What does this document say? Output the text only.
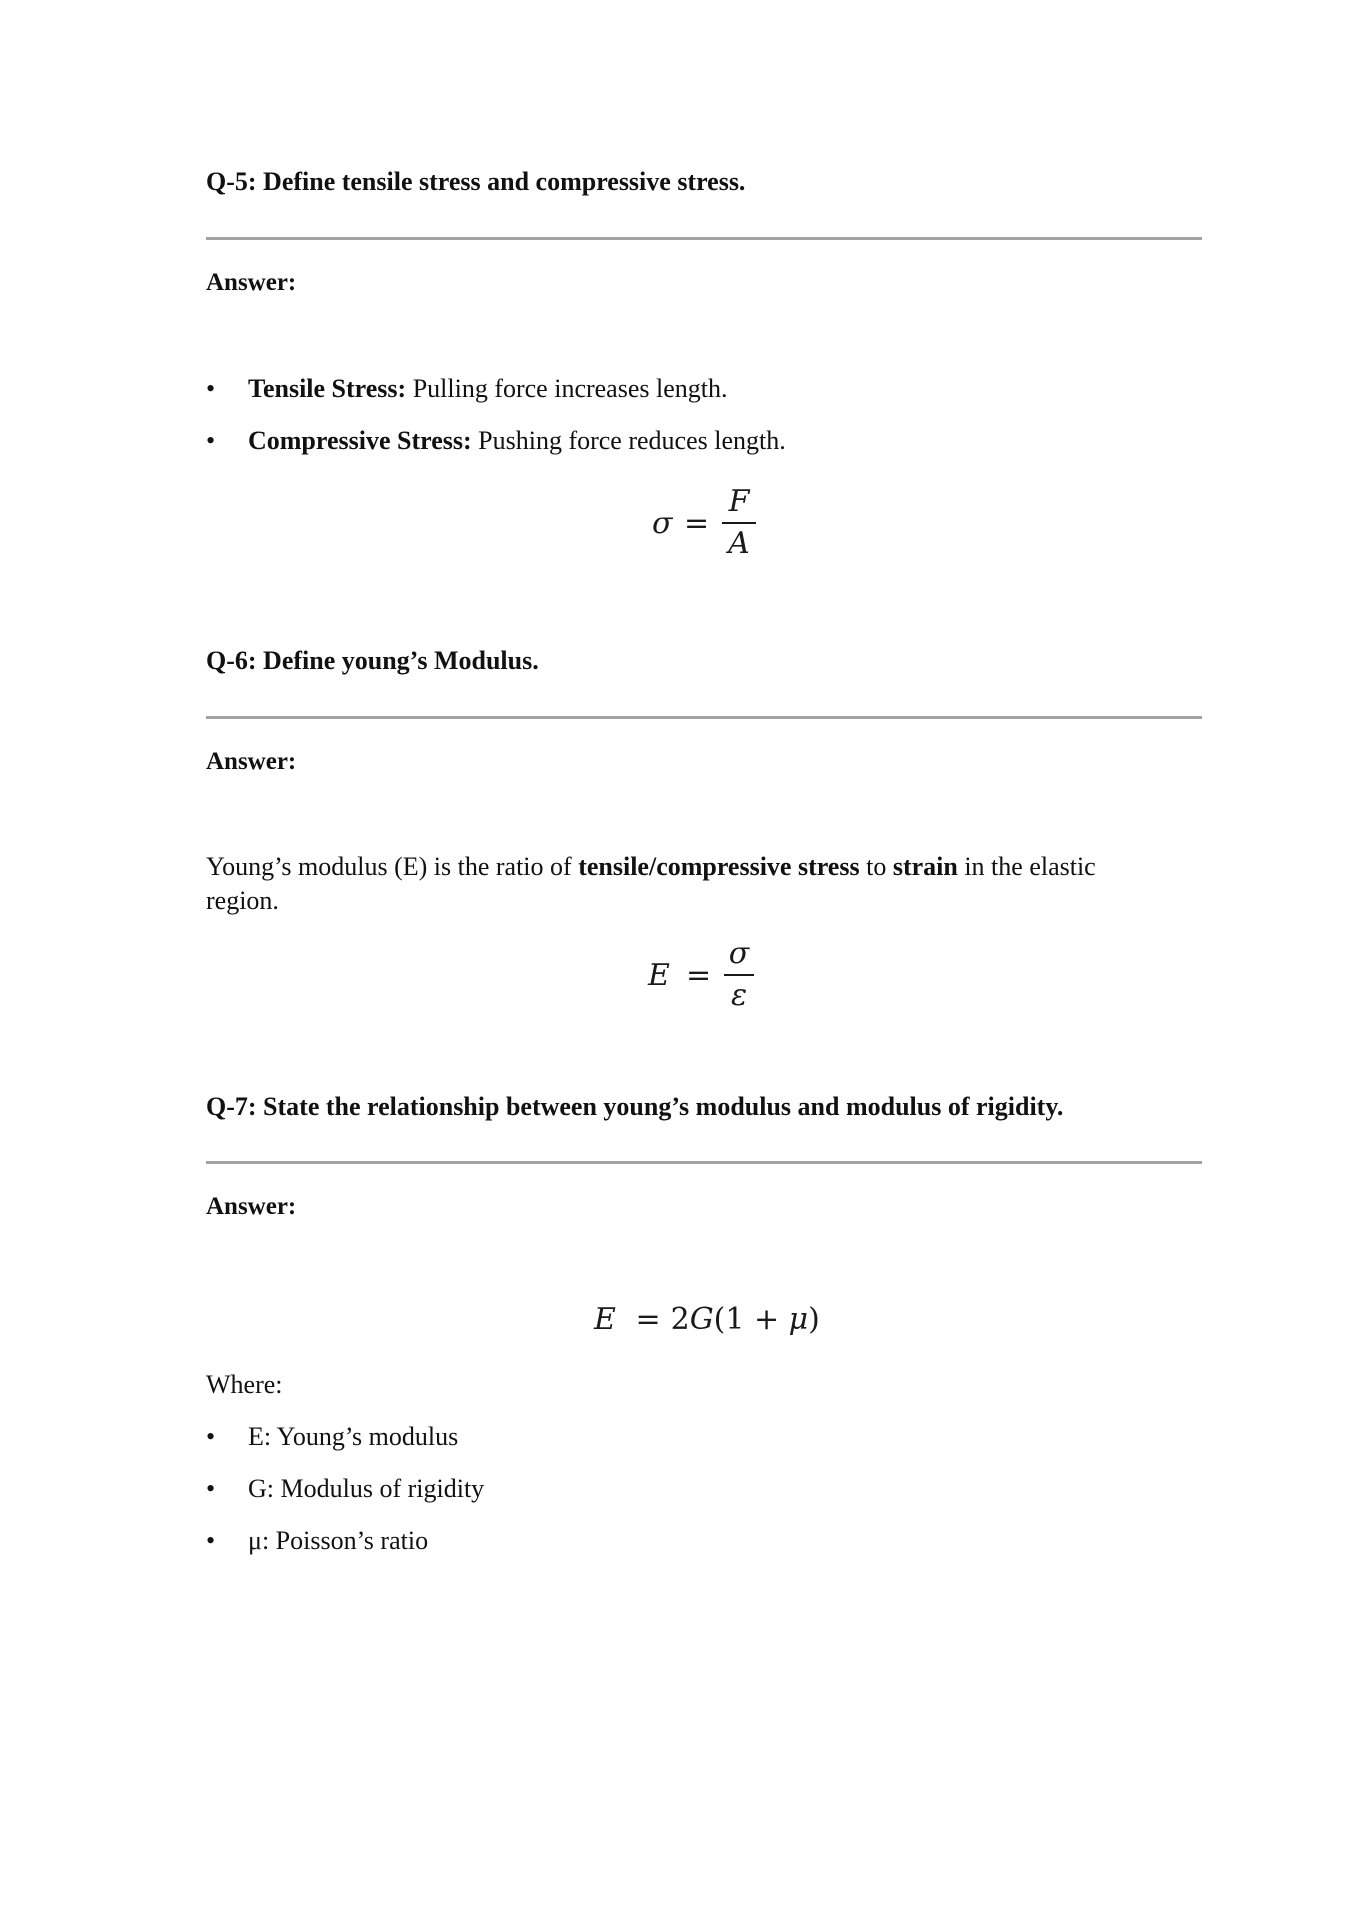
Q-5: Define tensile stress and compressive stress.
Answer:
•	Tensile Stress: Pulling force increases length.
•	Compressive Stress: Pushing force reduces length.
σ =
F
A
Q-6: Define young’s Modulus.
Answer:
Young’s modulus (E) is the ratio of tensile/compressive stress to strain in the elastic
region.
E =
σ
ε
Q-7: State the relationship between young’s modulus and modulus of rigidity.
Answer:
E = 2G(1 + μ)
Where:
•	E: Young’s modulus
•	G: Modulus of rigidity
•	μ: Poisson’s ratio
